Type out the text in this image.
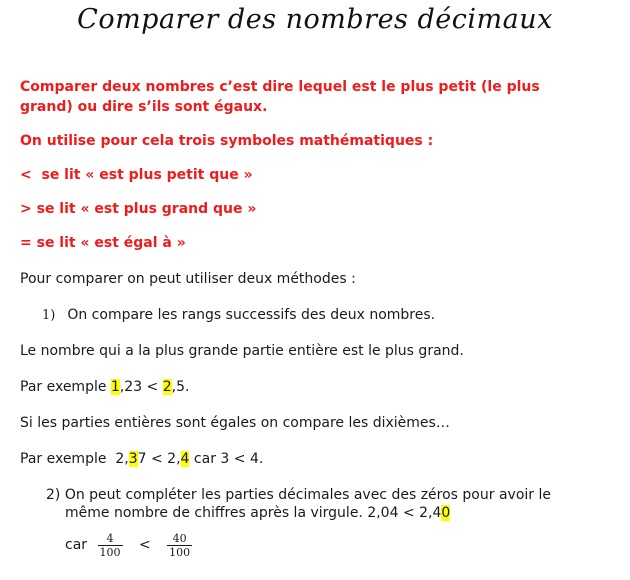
Comparer des nombres décimaux
Comparer deux nombres c’est dire lequel est le plus petit (le plus
grand) ou dire s’ils sont égaux.
On utilise pour cela trois symboles mathématiques :
<  se lit « est plus petit que »
> se lit « est plus grand que »
= se lit « est égal à »
Pour comparer on peut utiliser deux méthodes :
1) On compare les rangs successifs des deux nombres.
Le nombre qui a la plus grande partie entière est le plus grand.
Par exemple 1,23 < 2,5.
Si les parties entières sont égales on compare les dixièmes…
Par exemple  2,37 < 2,4 car 3 < 4.
2) On peut compléter les parties décimales avec des zéros pour avoir le
même nombre de chiffres après la virgule. 2,04 < 2,40
car $\frac{4}{100} < \frac{40}{100}$
